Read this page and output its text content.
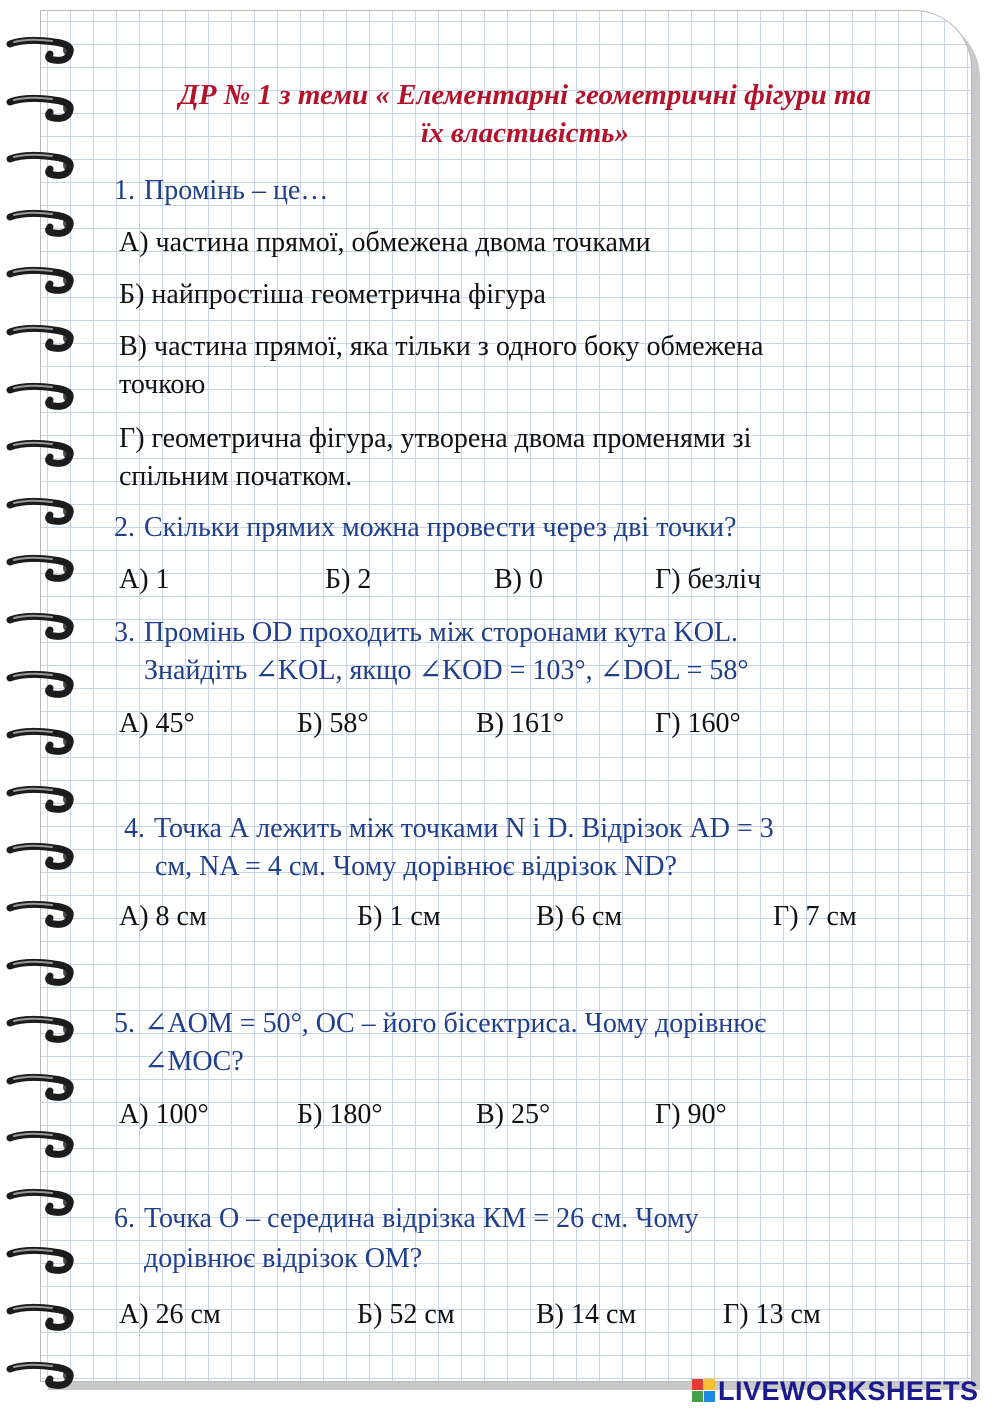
ДР № 1 з теми « Елементарні геометричні фігури та
їх властивість»
1. Промінь – це…
А) частина прямої, обмежена двома точками
Б) найпростіша геометрична фігура
В) частина прямої, яка тільки з одного боку обмежена
точкою
Г) геометрична фігура, утворена двома променями зі
спільним початком.
2. Скільки прямих можна провести через дві точки?
А) 1	Б) 2	В) 0	Г) безліч
3. Промінь OD проходить між сторонами кута KOL.
Знайдіть ∠KOL, якщо ∠KOD = 103°, ∠DOL = 58°
А) 45°	Б) 58°	В) 161°	Г) 160°
4. Точка А лежить між точками N і D. Відрізок AD = 3
см, NA = 4 см. Чому дорівнює відрізок ND?
А) 8 см	Б) 1 см	В) 6 см	Г) 7 см
5. ∠AOM = 50°, OC – його бісектриса. Чому дорівнює
∠MOC?
А) 100°	Б) 180°	В) 25°	Г) 90°
6. Точка О – середина відрізка КМ = 26 см. Чому
дорівнює відрізок ОМ?
А) 26 см	Б) 52 см	В) 14 см	Г) 13 см
LIVEWORKSHEETS
